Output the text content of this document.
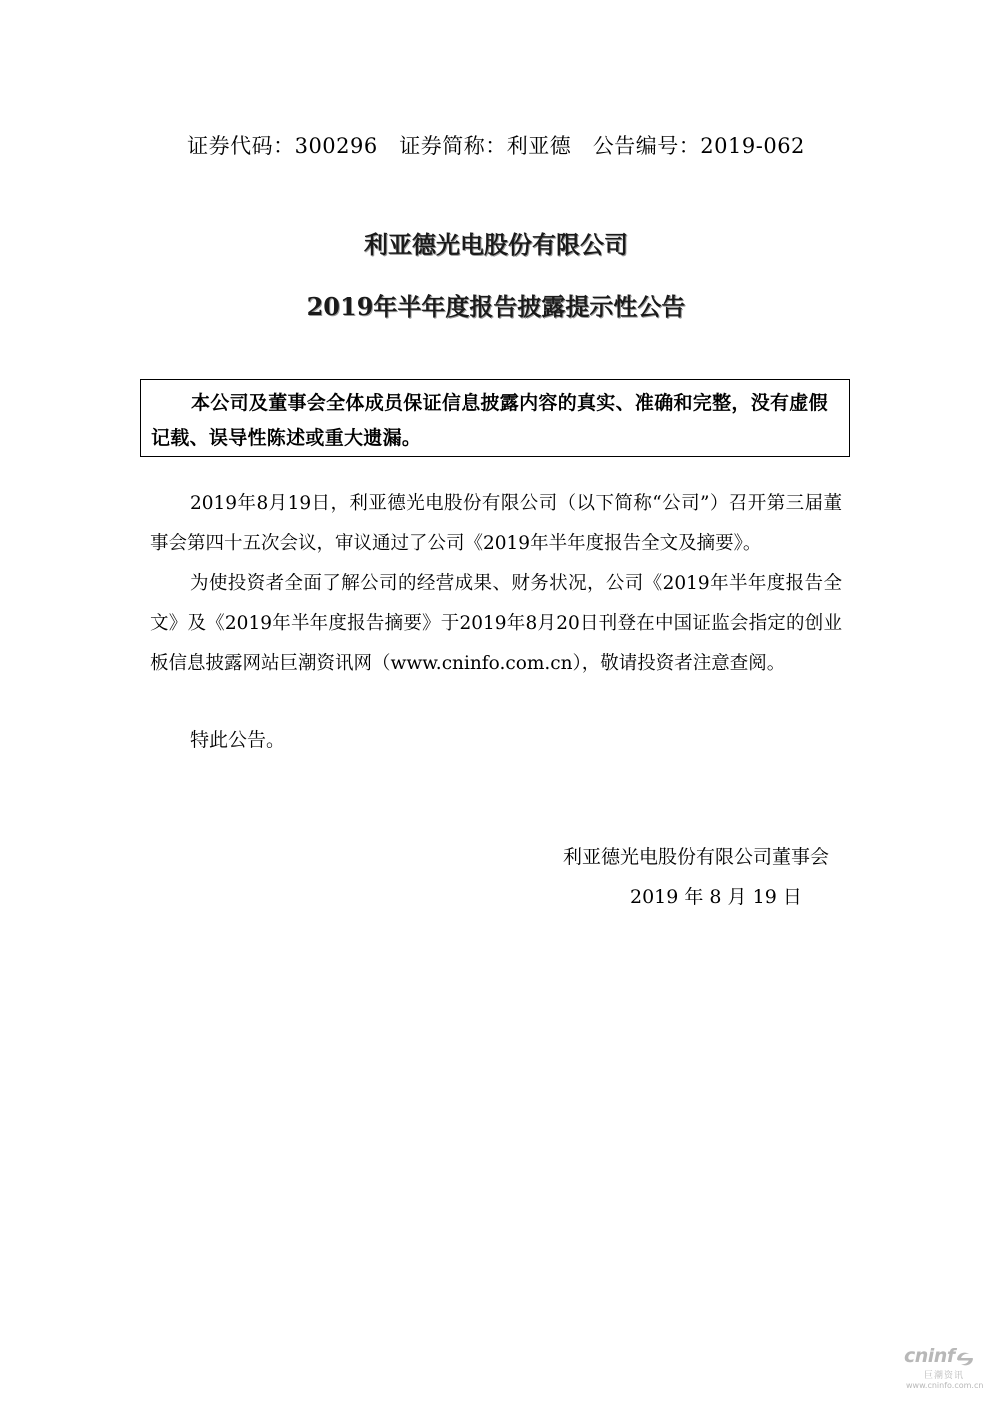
证券代码：300296   证券简称：利亚德   公告编号：2019-062
利亚德光电股份有限公司
2019年半年度报告披露提示性公告
本公司及董事会全体成员保证信息披露内容的真实、准确和完整，没有虚假记载、误导性陈述或重大遗漏。

2019年8月19日，利亚德光电股份有限公司（以下简称“公司”）召开第三届董事会第四十五次会议，审议通过了公司《2019年半年度报告全文及摘要》。

为使投资者全面了解公司的经营成果、财务状况，公司《2019年半年度报告全文》及《2019年半年度报告摘要》于2019年8月20日刊登在中国证监会指定的创业板信息披露网站巨潮资讯网（www.cninfo.com.cn），敬请投资者注意查阅。

特此公告。
利亚德光电股份有限公司董事会
2019 年 8 月 19 日
cninf
巨潮资讯
www.cninfo.com.cn
